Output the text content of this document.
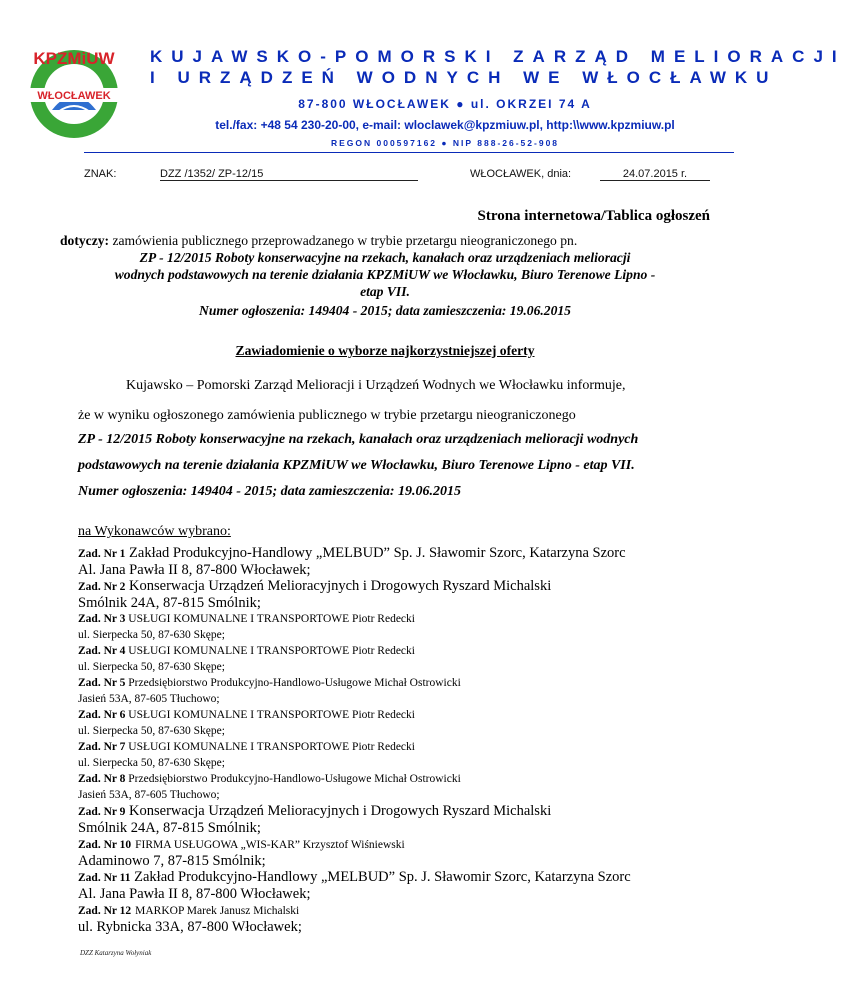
KPZMiUW
WŁOCŁAWEK
KUJAWSKO-POMORSKI ZARZĄD MELIORACJI
I URZĄDZEŃ WODNYCH WE WŁOCŁAWKU
87-800 WŁOCŁAWEK ● ul. OKRZEI 74 A
tel./fax: +48 54 230-20-00, e-mail: wloclawek@kpzmiuw.pl, http:\\www.kpzmiuw.pl
REGON 000597162 ● NIP 888-26-52-908
ZNAK:	DZZ /1352/ ZP-12/15	WŁOCŁAWEK, dnia:	24.07.2015 r.
Strona internetowa/Tablica ogłoszeń
dotyczy: zamówienia publicznego przeprowadzanego w trybie przetargu nieograniczonego pn.
ZP - 12/2015 Roboty konserwacyjne na rzekach, kanałach oraz urządzeniach melioracji
wodnych podstawowych na terenie działania KPZMiUW we Włocławku, Biuro Terenowe Lipno -
etap VII.
Numer ogłoszenia: 149404 - 2015; data zamieszczenia: 19.06.2015
Zawiadomienie o wyborze najkorzystniejszej oferty
Kujawsko – Pomorski Zarząd Melioracji i Urządzeń Wodnych we Włocławku informuje,
że w wyniku ogłoszonego zamówienia publicznego w trybie przetargu nieograniczonego
ZP - 12/2015 Roboty konserwacyjne na rzekach, kanałach oraz urządzeniach melioracji wodnych
podstawowych na terenie działania KPZMiUW we Włocławku, Biuro Terenowe Lipno - etap VII.
Numer ogłoszenia: 149404 - 2015; data zamieszczenia: 19.06.2015
na Wykonawców wybrano:
Zad. Nr 1 Zakład Produkcyjno-Handlowy „MELBUD” Sp. J. Sławomir Szorc, Katarzyna Szorc
Al. Jana Pawła II 8, 87-800 Włocławek;
Zad. Nr 2 Konserwacja Urządzeń Melioracyjnych i Drogowych Ryszard Michalski
Smólnik 24A, 87-815 Smólnik;
Zad. Nr 3 USŁUGI KOMUNALNE I TRANSPORTOWE Piotr Redecki
ul. Sierpecka 50, 87-630 Skępe;
Zad. Nr 4 USŁUGI KOMUNALNE I TRANSPORTOWE Piotr Redecki
ul. Sierpecka 50, 87-630 Skępe;
Zad. Nr 5 Przedsiębiorstwo Produkcyjno-Handlowo-Usługowe Michał Ostrowicki
Jasień 53A, 87-605 Tłuchowo;
Zad. Nr 6 USŁUGI KOMUNALNE I TRANSPORTOWE Piotr Redecki
ul. Sierpecka 50, 87-630 Skępe;
Zad. Nr 7 USŁUGI KOMUNALNE I TRANSPORTOWE Piotr Redecki
ul. Sierpecka 50, 87-630 Skępe;
Zad. Nr 8 Przedsiębiorstwo Produkcyjno-Handlowo-Usługowe Michał Ostrowicki
Jasień 53A, 87-605 Tłuchowo;
Zad. Nr 9 Konserwacja Urządzeń Melioracyjnych i Drogowych Ryszard Michalski
Smólnik 24A, 87-815 Smólnik;
Zad. Nr 10 FIRMA USŁUGOWA „WIS-KAR” Krzysztof Wiśniewski
Adaminowo 7, 87-815 Smólnik;
Zad. Nr 11 Zakład Produkcyjno-Handlowy „MELBUD” Sp. J. Sławomir Szorc, Katarzyna Szorc
Al. Jana Pawła II 8, 87-800 Włocławek;
Zad. Nr 12 MARKOP Marek Janusz Michalski
ul. Rybnicka 33A, 87-800 Włocławek;
DZZ Katarzyna Wołyniak
